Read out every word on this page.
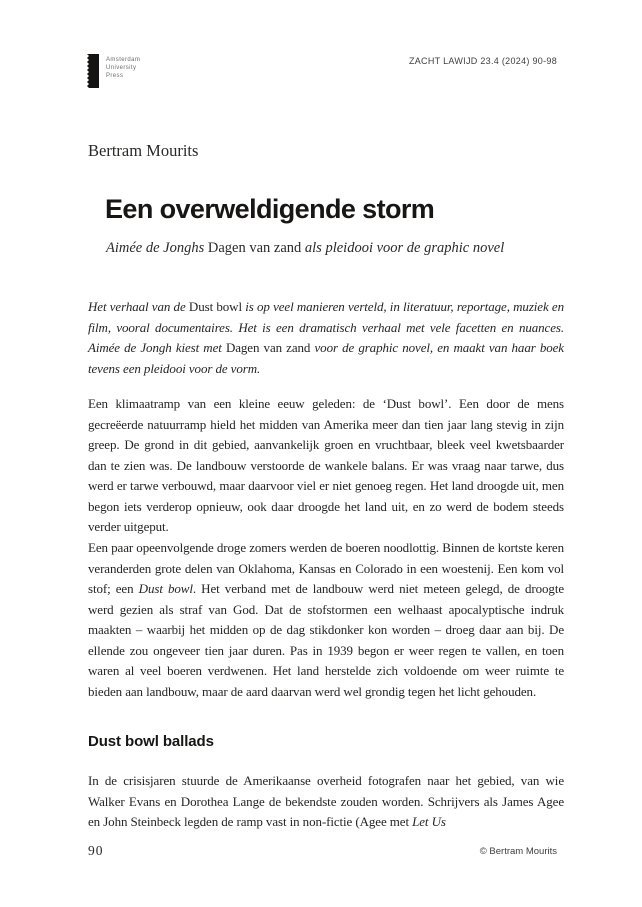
Amsterdam
University
Press
ZACHT LAWIJD 23.4 (2024) 90-98
Bertram Mourits
Een overweldigende storm
Aimée de Jonghs Dagen van zand als pleidooi voor de graphic novel

Het verhaal van de Dust bowl is op veel manieren verteld, in literatuur, reportage, muziek en film, vooral documentaires. Het is een dramatisch verhaal met vele facetten en nuances. Aimée de Jongh kiest met Dagen van zand voor de graphic novel, en maakt van haar boek tevens een pleidooi voor de vorm.

Een klimaatramp van een kleine eeuw geleden: de ‘Dust bowl’. Een door de mens gecreëerde natuurramp hield het midden van Amerika meer dan tien jaar lang stevig in zijn greep. De grond in dit gebied, aanvankelijk groen en vruchtbaar, bleek veel kwetsbaarder dan te zien was. De landbouw verstoorde de wankele balans. Er was vraag naar tarwe, dus werd er tarwe verbouwd, maar daarvoor viel er niet genoeg regen. Het land droogde uit, men begon iets verderop opnieuw, ook daar droogde het land uit, en zo werd de bodem steeds verder uitgeput.

Een paar opeenvolgende droge zomers werden de boeren noodlottig. Binnen de kortste keren veranderden grote delen van Oklahoma, Kansas en Colorado in een woestenij. Een kom vol stof; een Dust bowl. Het verband met de landbouw werd niet meteen gelegd, de droogte werd gezien als straf van God. Dat de stofstormen een welhaast apocalyptische indruk maakten – waarbij het midden op de dag stikdonker kon worden – droeg daar aan bij. De ellende zou ongeveer tien jaar duren. Pas in 1939 begon er weer regen te vallen, en toen waren al veel boeren verdwenen. Het land herstelde zich voldoende om weer ruimte te bieden aan landbouw, maar de aard daarvan werd wel grondig tegen het licht gehouden.

Dust bowl ballads

In de crisisjaren stuurde de Amerikaanse overheid fotografen naar het gebied, van wie Walker Evans en Dorothea Lange de bekendste zouden worden. Schrijvers als James Agee en John Steinbeck legden de ramp vast in non-fictie (Agee met Let Us

90	© Bertram Mourits
